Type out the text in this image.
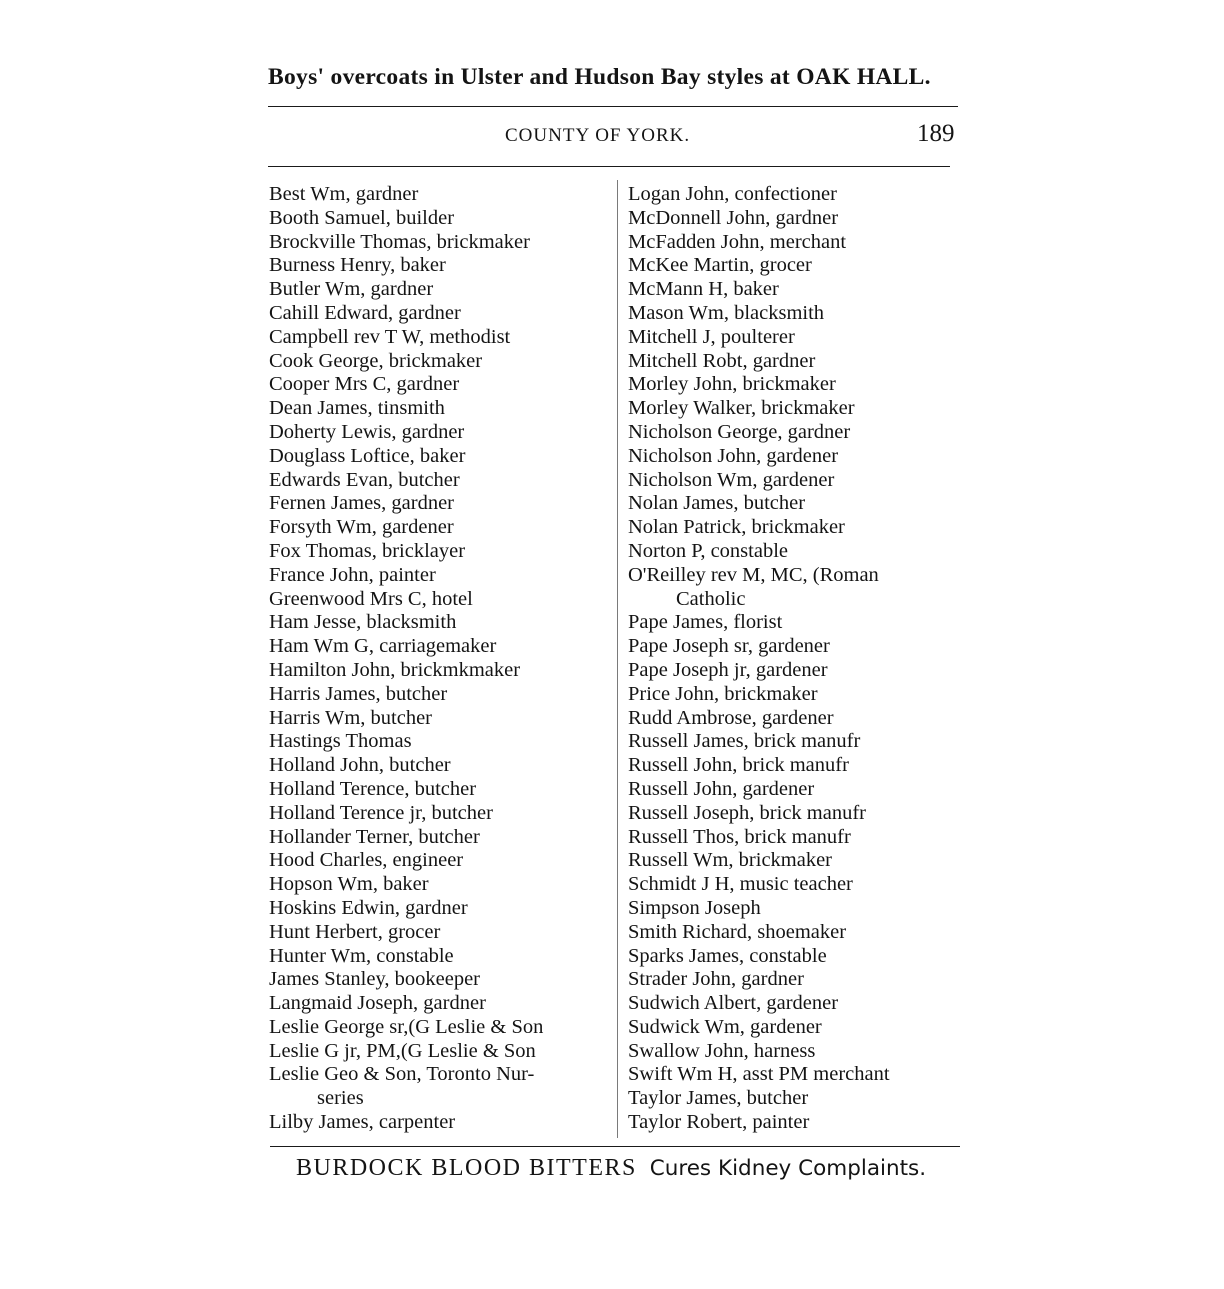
Boys' overcoats in Ulster and Hudson Bay styles at OAK HALL.
COUNTY OF YORK.	189
Best Wm, gardner
Booth Samuel, builder
Brockville Thomas, brickmaker
Burness Henry, baker
Butler Wm, gardner
Cahill Edward, gardner
Campbell rev T W, methodist
Cook George, brickmaker
Cooper Mrs C, gardner
Dean James, tinsmith
Doherty Lewis, gardner
Douglass Loftice, baker
Edwards Evan, butcher
Fernen James, gardner
Forsyth Wm, gardener
Fox Thomas, bricklayer
France John, painter
Greenwood Mrs C, hotel
Ham Jesse, blacksmith
Ham Wm G, carriagemaker
Hamilton John, brickmkmaker
Harris James, butcher
Harris Wm, butcher
Hastings Thomas
Holland John, butcher
Holland Terence, butcher
Holland Terence jr, butcher
Hollander Terner, butcher
Hood Charles, engineer
Hopson Wm, baker
Hoskins Edwin, gardner
Hunt Herbert, grocer
Hunter Wm, constable
James Stanley, bookeeper
Langmaid Joseph, gardner
Leslie George sr,(G Leslie & Son
Leslie G jr, PM,(G Leslie & Son
Leslie Geo & Son, Toronto Nur-
series
Lilby James, carpenter
Logan John, confectioner
McDonnell John, gardner
McFadden John, merchant
McKee Martin, grocer
McMann H, baker
Mason Wm, blacksmith
Mitchell J, poulterer
Mitchell Robt, gardner
Morley John, brickmaker
Morley Walker, brickmaker
Nicholson George, gardner
Nicholson John, gardener
Nicholson Wm, gardener
Nolan James, butcher
Nolan Patrick, brickmaker
Norton P, constable
O'Reilley rev M, MC, (Roman
Catholic
Pape James, florist
Pape Joseph sr, gardener
Pape Joseph jr, gardener
Price John, brickmaker
Rudd Ambrose, gardener
Russell James, brick manufr
Russell John, brick manufr
Russell John, gardener
Russell Joseph, brick manufr
Russell Thos, brick manufr
Russell Wm, brickmaker
Schmidt J H, music teacher
Simpson Joseph
Smith Richard, shoemaker
Sparks James, constable
Strader John, gardner
Sudwich Albert, gardener
Sudwick Wm, gardener
Swallow John, harness
Swift Wm H, asst PM merchant
Taylor James, butcher
Taylor Robert, painter
BURDOCK BLOOD BITTERS Cures Kidney Complaints.
